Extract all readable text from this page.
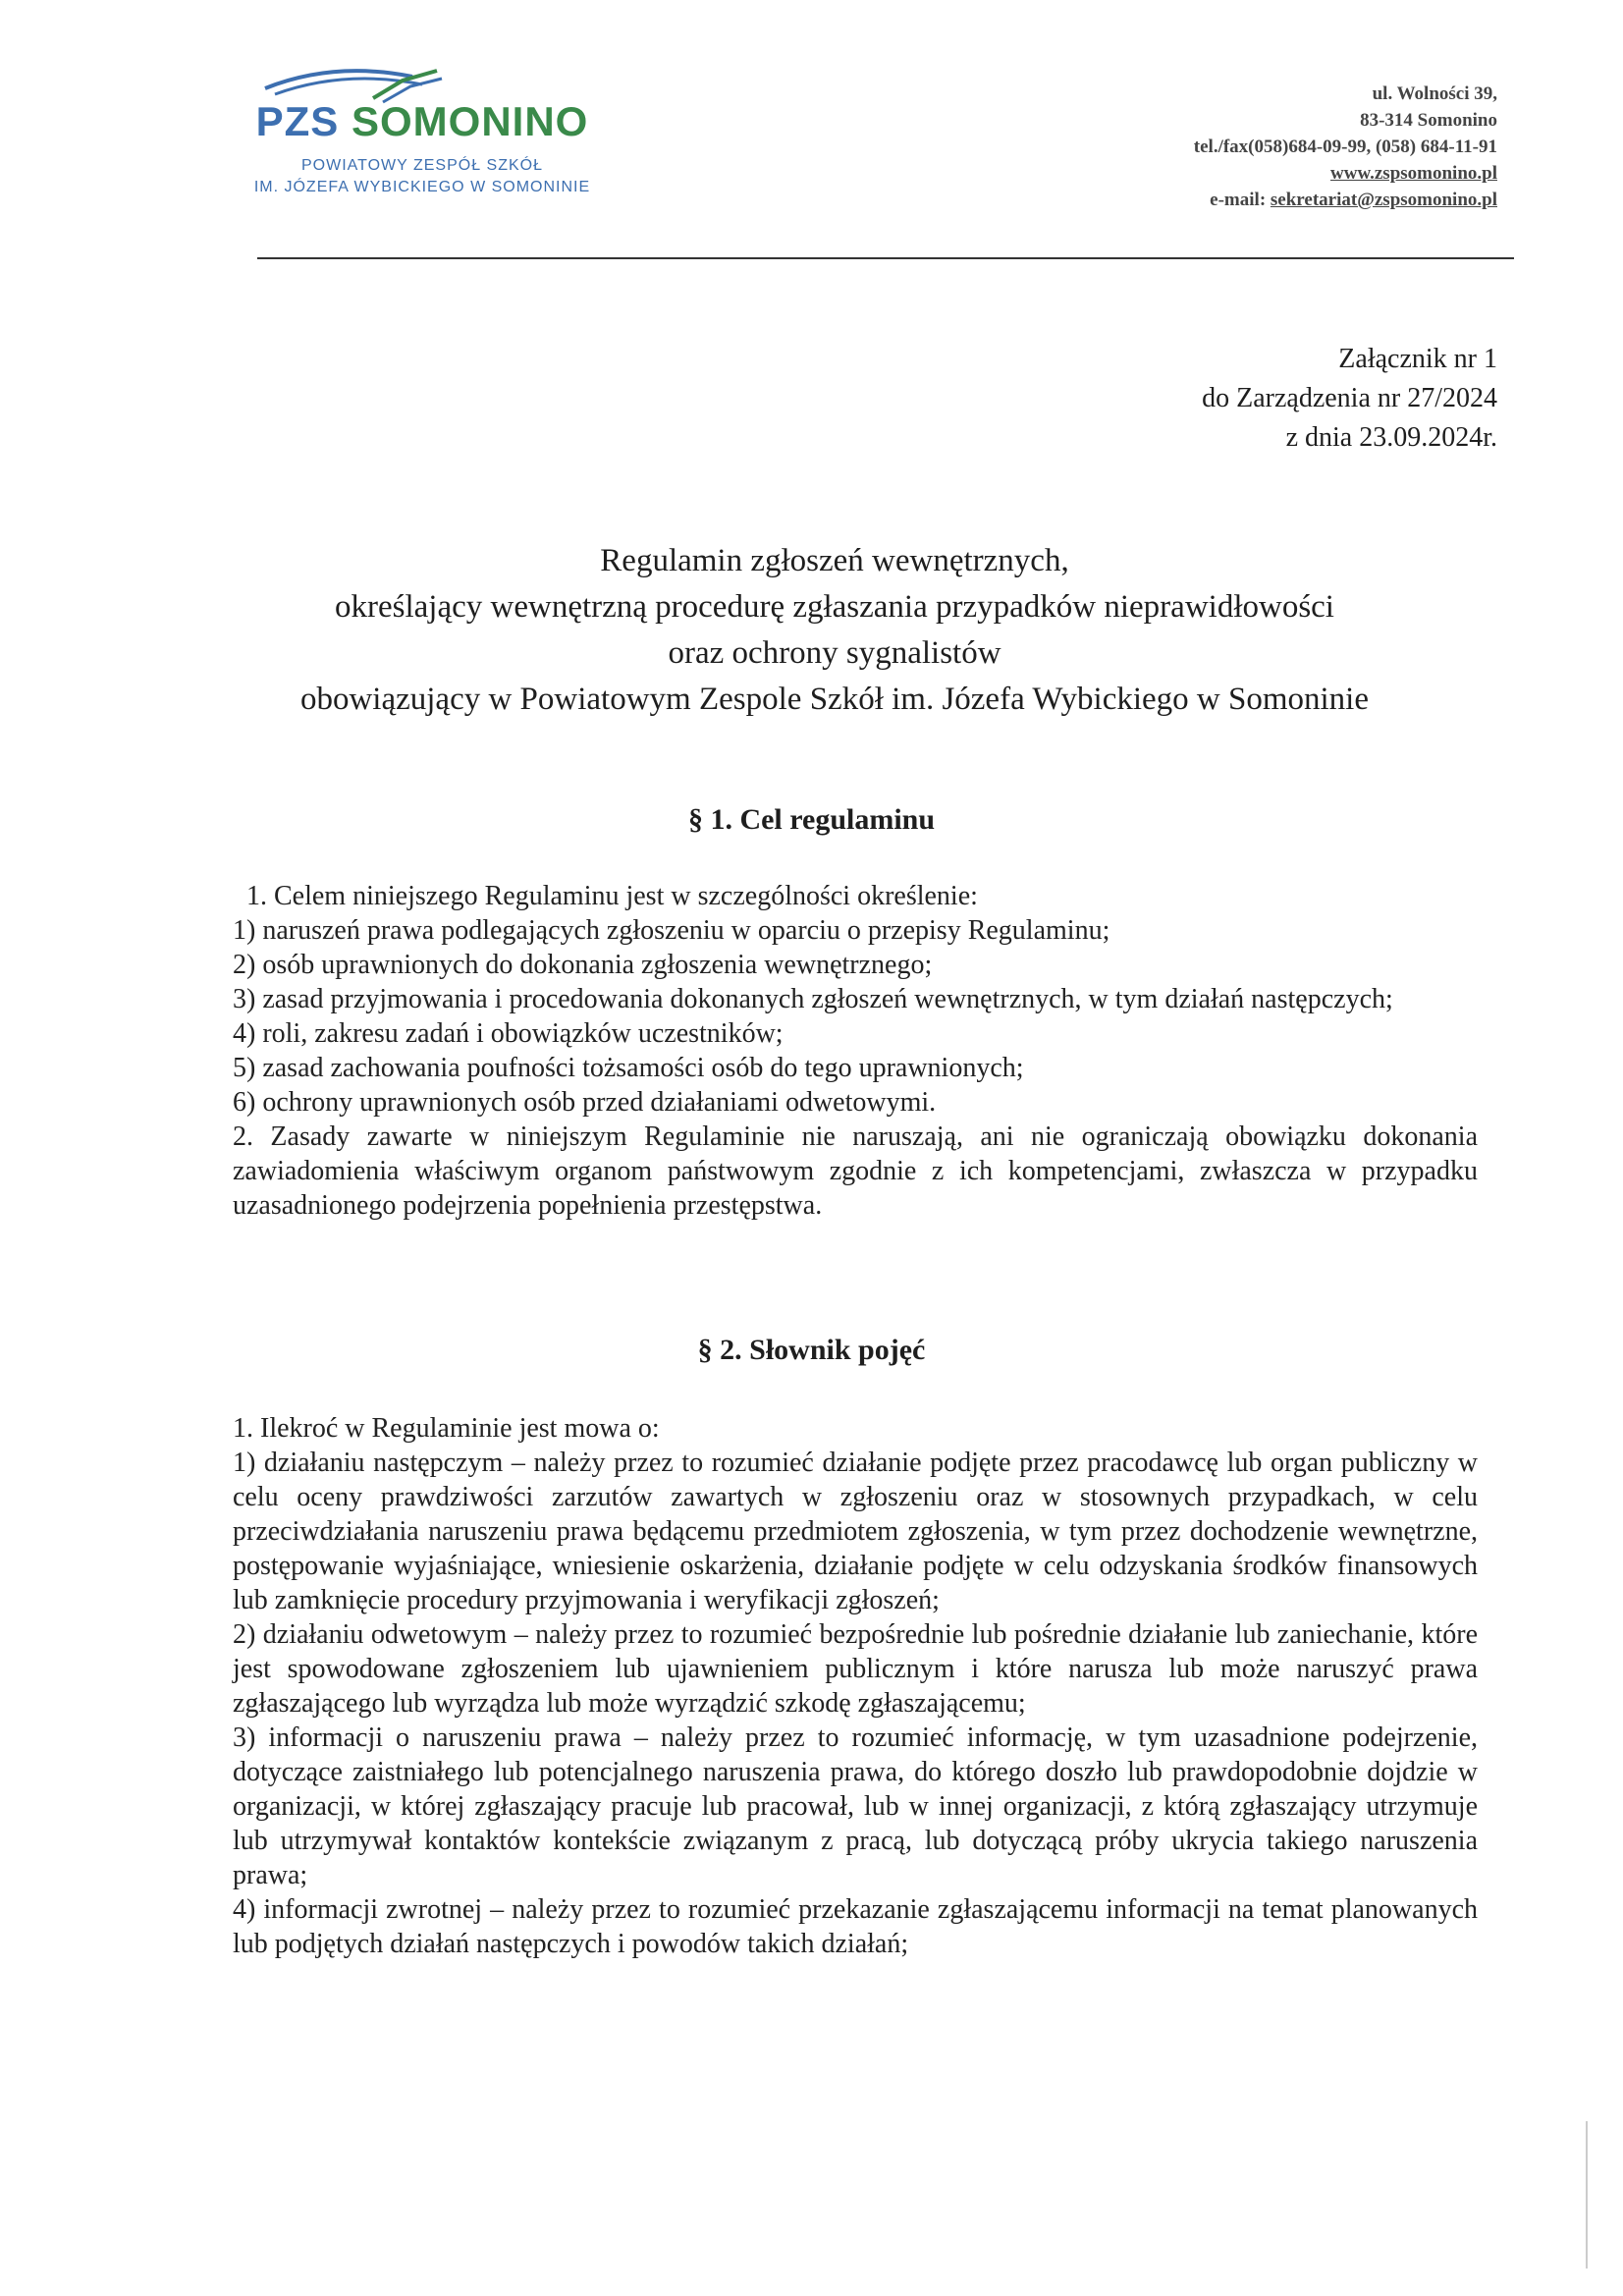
PZS SOMONINO
POWIATOWY ZESPÓŁ SZKÓŁ
IM. JÓZEFA WYBICKIEGO W SOMONINIE
ul. Wolności 39,
83-314 Somonino
tel./fax(058)684-09-99, (058) 684-11-91
www.zspsomonino.pl
e-mail: sekretariat@zspsomonino.pl
Załącznik nr 1
do Zarządzenia nr 27/2024
z dnia 23.09.2024r.
Regulamin zgłoszeń wewnętrznych,
określający wewnętrzną procedurę zgłaszania przypadków nieprawidłowości
oraz ochrony sygnalistów
obowiązujący w Powiatowym Zespole Szkół im. Józefa Wybickiego w Somoninie
§ 1. Cel regulaminu

1. Celem niniejszego Regulaminu jest w szczególności określenie:

1) naruszeń prawa podlegających zgłoszeniu w oparciu o przepisy Regulaminu;

2) osób uprawnionych do dokonania zgłoszenia wewnętrznego;

3) zasad przyjmowania i procedowania dokonanych zgłoszeń wewnętrznych, w tym działań następczych;

4) roli, zakresu zadań i obowiązków uczestników;

5) zasad zachowania poufności tożsamości osób do tego uprawnionych;

6) ochrony uprawnionych osób przed działaniami odwetowymi.

2. Zasady zawarte w niniejszym Regulaminie nie naruszają, ani nie ograniczają obowiązku dokonania zawiadomienia właściwym organom państwowym zgodnie z ich kompetencjami, zwłaszcza w przypadku uzasadnionego podejrzenia popełnienia przestępstwa.

§ 2. Słownik pojęć

1. Ilekroć w Regulaminie jest mowa o:

1) działaniu następczym – należy przez to rozumieć działanie podjęte przez pracodawcę lub organ publiczny w celu oceny prawdziwości zarzutów zawartych w zgłoszeniu oraz w stosownych przypadkach, w celu przeciwdziałania naruszeniu prawa będącemu przedmiotem zgłoszenia, w tym przez dochodzenie wewnętrzne, postępowanie wyjaśniające, wniesienie oskarżenia, działanie podjęte w celu odzyskania środków finansowych lub zamknięcie procedury przyjmowania i weryfikacji zgłoszeń;

2) działaniu odwetowym – należy przez to rozumieć bezpośrednie lub pośrednie działanie lub zaniechanie, które jest spowodowane zgłoszeniem lub ujawnieniem publicznym i które narusza lub może naruszyć prawa zgłaszającego lub wyrządza lub może wyrządzić szkodę zgłaszającemu;

3) informacji o naruszeniu prawa – należy przez to rozumieć informację, w tym uzasadnione podejrzenie, dotyczące zaistniałego lub potencjalnego naruszenia prawa, do którego doszło lub prawdopodobnie dojdzie w organizacji, w której zgłaszający pracuje lub pracował, lub w innej organizacji, z którą zgłaszający utrzymuje lub utrzymywał kontaktów kontekście związanym z pracą, lub dotyczącą próby ukrycia takiego naruszenia prawa;

4) informacji zwrotnej – należy przez to rozumieć przekazanie zgłaszającemu informacji na temat planowanych lub podjętych działań następczych i powodów takich działań;
